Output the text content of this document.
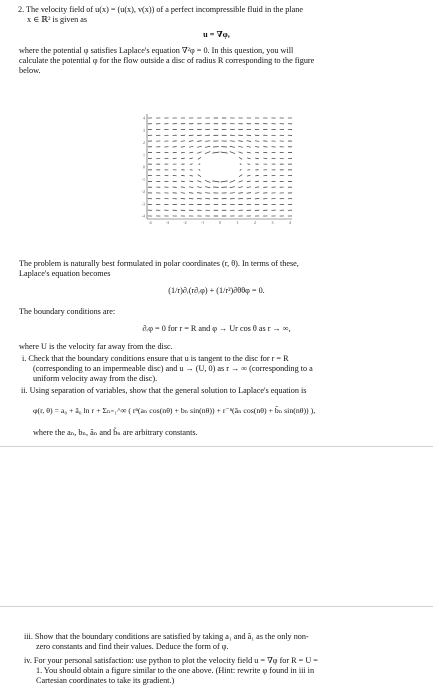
2. The velocity field of u(x) = (u(x), v(x)) of a perfect incompressible fluid in the plane
x ∈ ℝ² is given as
u = ∇φ,
where the potential φ satisfies Laplace's equation ∇²φ = 0. In this question, you will
calculate the potential φ for the flow outside a disc of radius R corresponding to the figure
below.
4
3
2
1
0
-1
-2
-3
-4
-4	-3	-2	-1	0	1	2	3	4
The problem is naturally best formulated in polar coordinates (r, θ). In terms of these,
Laplace's equation becomes
(1/r)∂ᵣ(r∂ᵣφ) + (1/r²)∂θθφ = 0.
The boundary conditions are:
∂ᵣφ = 0 for r = R and φ → Ur cos θ as r → ∞,
where U is the velocity far away from the disc.
i. Check that the boundary conditions ensure that u is tangent to the disc for r = R
(corresponding to an impermeable disc) and u → (U, 0) as r → ∞ (corresponding to a
uniform velocity away from the disc).
ii. Using separation of variables, show that the general solution to Laplace's equation is
φ(r, θ) = a₀ + ã₀ ln r + Σₙ₌₁^∞ ( rⁿ(aₙ cos(nθ) + bₙ sin(nθ)) + r⁻ⁿ(ãₙ cos(nθ) + b̃ₙ sin(nθ)) ),
where the aₙ, bₙ, ãₙ and b̃ₙ are arbitrary constants.
iii. Show that the boundary conditions are satisfied by taking a₁ and ã₁ as the only non-
zero constants and find their values. Deduce the form of φ.
iv. For your personal satisfaction: use python to plot the velocity field u = ∇φ for R = U =
1. You should obtain a figure similar to the one above. (Hint: rewrite φ found in iii in
Cartesian coordinates to take its gradient.)
